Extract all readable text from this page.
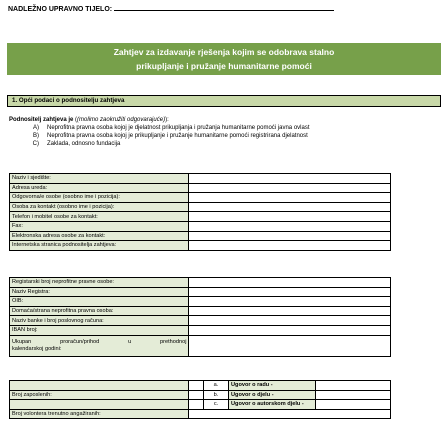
NADLEŽNO UPRAVNO TIJELO:
Zahtjev za izdavanje rješenja kojim se odobrava stalno
prikupljanje i pružanje humanitarne pomoći
1. Opći podaci o podnositelju zahtjeva
Podnositelj zahtjeva je ((molimo zaokružiti odgovarajuće)):
A)	Neprofitna pravna osoba kojoj je djelatnost prikupljanja i pružanja humanitarne pomoći javna ovlast
B)	Neprofitna pravna osoba kojoj je prikupljanje i pružanje humanitarne pomoći registrirana djelatnost
C)	Zaklada, odnosno fundacija
Naziv i sjedište:	
Adresa ureda:	
Odgovorna/e osobe (osobno ime i pozicija):	
Osoba za kontakt (osobno ime i pozicija):	
Telefon i mobitel osobe za kontakt:	
Fax:	
Elektronska adresa osobe za kontakt:	
Internetska stranica podnositelja zahtjeva:	
Registarski broj neprofitne pravne osobe:	
Naziv Registra:	
OIB:	
Domaća/strana neprofitna pravna osoba:	
Naziv banke i broj poslovnog računa:	
IBAN broj:	

Ukupan proračun/prihod u prethodnoj
kalendarskoj godini:	
		a.	Ugovor o radu -	
Broj zaposlenih:		b.	Ugovor o djelu -	
		c.	Ugovor o autorskom djelu -	
Broj volontera trenutno angažiranih:				
